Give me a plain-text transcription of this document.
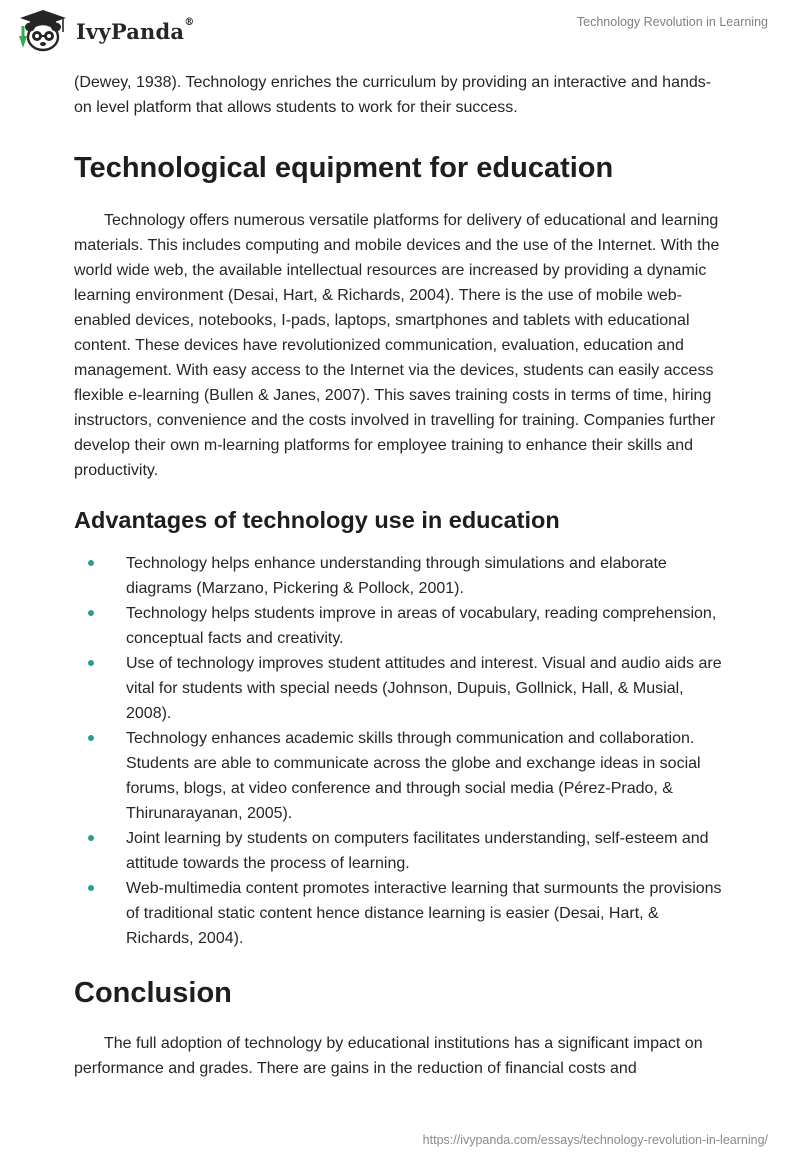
IvyPanda®	Technology Revolution in Learning

(Dewey, 1938). Technology enriches the curriculum by providing an interactive and hands-on level platform that allows students to work for their success.

Technological equipment for education

Technology offers numerous versatile platforms for delivery of educational and learning materials. This includes computing and mobile devices and the use of the Internet. With the world wide web, the available intellectual resources are increased by providing a dynamic learning environment (Desai, Hart, & Richards, 2004). There is the use of mobile web-enabled devices, notebooks, I-pads, laptops, smartphones and tablets with educational content. These devices have revolutionized communication, evaluation, education and management. With easy access to the Internet via the devices, students can easily access flexible e-learning (Bullen & Janes, 2007). This saves training costs in terms of time, hiring instructors, convenience and the costs involved in travelling for training. Companies further develop their own m-learning platforms for employee training to enhance their skills and productivity.

Advantages of technology use in education
Technology helps enhance understanding through simulations and elaborate diagrams (Marzano, Pickering & Pollock, 2001).
Technology helps students improve in areas of vocabulary, reading comprehension, conceptual facts and creativity.
Use of technology improves student attitudes and interest. Visual and audio aids are vital for students with special needs (Johnson, Dupuis, Gollnick, Hall, & Musial, 2008).
Technology enhances academic skills through communication and collaboration. Students are able to communicate across the globe and exchange ideas in social forums, blogs, at video conference and through social media (Pérez-Prado, & Thirunarayanan, 2005).
Joint learning by students on computers facilitates understanding, self-esteem and attitude towards the process of learning.
Web-multimedia content promotes interactive learning that surmounts the provisions of traditional static content hence distance learning is easier (Desai, Hart, & Richards, 2004).
Conclusion

The full adoption of technology by educational institutions has a significant impact on performance and grades. There are gains in the reduction of financial costs and

https://ivypanda.com/essays/technology-revolution-in-learning/
